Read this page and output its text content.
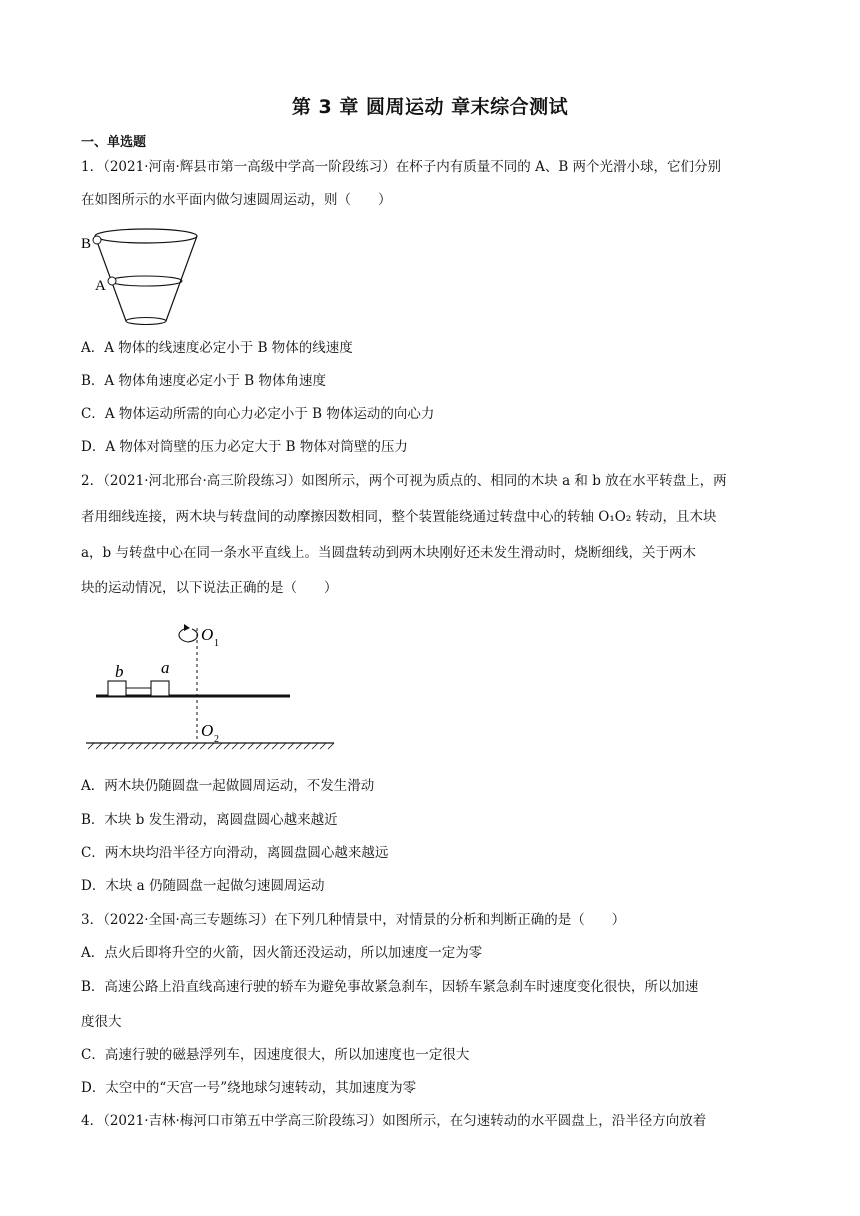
第 3 章 圆周运动 章末综合测试
一、单选题
1．（2021·河南·辉县市第一高级中学高一阶段练习）在杯子内有质量不同的 A、B 两个光滑小球，它们分别
在如图所示的水平面内做匀速圆周运动，则（　　）
B
A
A．A 物体的线速度必定小于 B 物体的线速度
B．A 物体角速度必定小于 B 物体角速度
C．A 物体运动所需的向心力必定小于 B 物体运动的向心力
D．A 物体对筒壁的压力必定大于 B 物体对筒壁的压力
2．（2021·河北邢台·高三阶段练习）如图所示，两个可视为质点的、相同的木块 a 和 b 放在水平转盘上，两
者用细线连接，两木块与转盘间的动摩擦因数相同，整个装置能绕通过转盘中心的转轴 O₁O₂ 转动，且木块
a，b 与转盘中心在同一条水平直线上。当圆盘转动到两木块刚好还未发生滑动时，烧断细线，关于两木
块的运动情况，以下说法正确的是（　　）
b a
O 1
O 2
A．两木块仍随圆盘一起做圆周运动，不发生滑动
B．木块 b 发生滑动，离圆盘圆心越来越近
C．两木块均沿半径方向滑动，离圆盘圆心越来越远
D．木块 a 仍随圆盘一起做匀速圆周运动
3．（2022·全国·高三专题练习）在下列几种情景中，对情景的分析和判断正确的是（　　）
A．点火后即将升空的火箭，因火箭还没运动，所以加速度一定为零
B．高速公路上沿直线高速行驶的轿车为避免事故紧急刹车，因轿车紧急刹车时速度变化很快，所以加速
度很大
C．高速行驶的磁悬浮列车，因速度很大，所以加速度也一定很大
D．太空中的“天宫一号”绕地球匀速转动，其加速度为零
4．（2021·吉林·梅河口市第五中学高三阶段练习）如图所示，在匀速转动的水平圆盘上，沿半径方向放着
